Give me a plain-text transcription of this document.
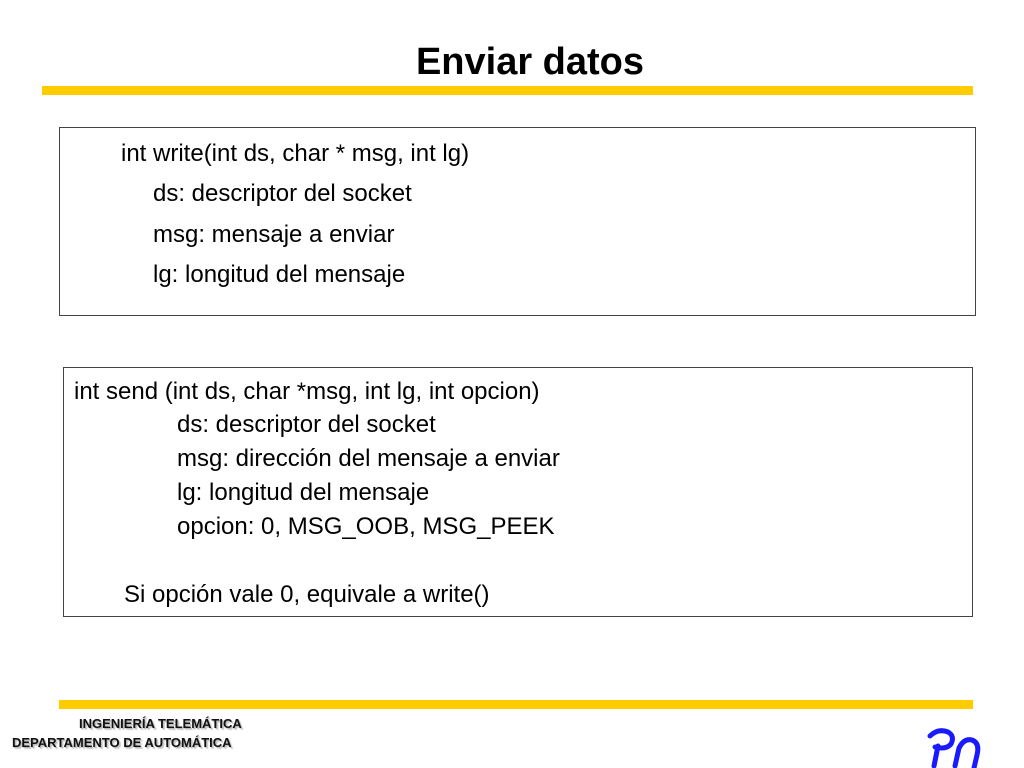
Enviar datos
int write(int ds, char * msg, int lg)
ds: descriptor del socket
msg: mensaje a enviar
lg: longitud del mensaje
int send (int ds, char *msg, int lg, int opcion)
ds: descriptor del socket
msg: dirección del mensaje a enviar
lg: longitud del mensaje
opcion: 0, MSG_OOB, MSG_PEEK
Si opción vale 0, equivale a write()
INGENIERÍA TELEMÁTICA
DEPARTAMENTO DE AUTOMÁTICA
